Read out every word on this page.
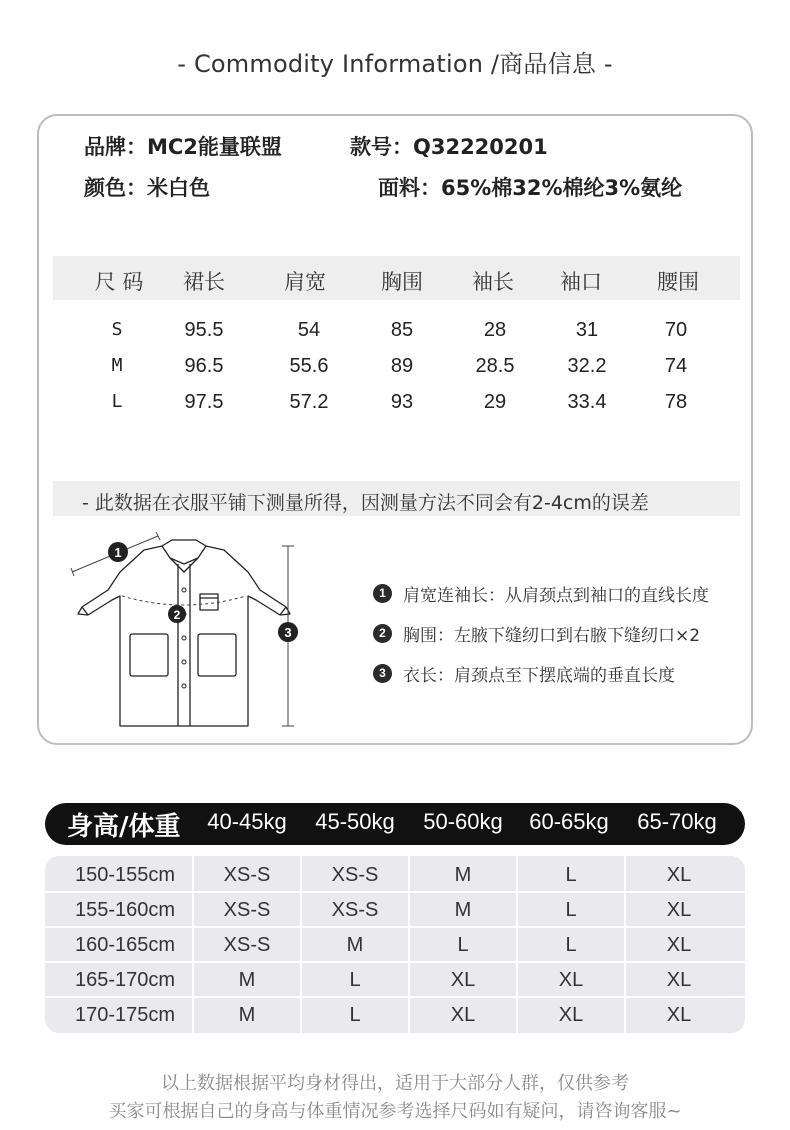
- Commodity Information /商品信息 -
品牌：MC2能量联盟	款号：Q32220201
颜色：米白色	面料：65%棉32%棉纶3%氨纶
尺 码	裙长	肩宽	胸围	袖长	袖口	腰围
S	95.5	54	85	28	31	70
M	96.5	55.6	89	28.5	32.2	74
L	97.5	57.2	93	29	33.4	78
- 此数据在衣服平铺下测量所得，因测量方法不同会有2-4cm的误差
1
2
3
1	肩宽连袖长：从肩颈点到袖口的直线长度
2	胸围：左腋下缝纫口到右腋下缝纫口×2
3	衣长：肩颈点至下摆底端的垂直长度
身高/体重	40-45kg	45-50kg	50-60kg	60-65kg	65-70kg
150-155cm	XS-S	XS-S	M	L	XL
155-160cm	XS-S	XS-S	M	L	XL
160-165cm	XS-S	M	L	L	XL
165-170cm	M	L	XL	XL	XL
170-175cm	M	L	XL	XL	XL
以上数据根据平均身材得出，适用于大部分人群，仅供参考
买家可根据自己的身高与体重情况参考选择尺码如有疑问，请咨询客服~
